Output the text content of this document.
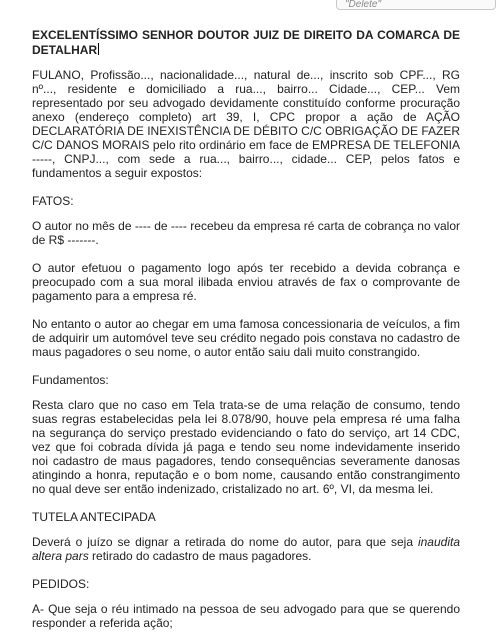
"Delete"
EXCELENTÍSSIMO SENHOR DOUTOR JUIZ DE DIREITO DA COMARCA DE DETALHAR

FULANO, Profissão..., nacionalidade..., natural de..., inscrito sob CPF..., RG nº..., residente e domiciliado a rua..., bairro... Cidade..., CEP... Vem representado por seu advogado devidamente constituído conforme procuração anexo (endereço completo) art 39, I, CPC propor a ação de AÇÃO DECLARATÓRIA DE INEXISTÊNCIA DE DÉBITO C/C OBRIGAÇÃO DE FAZER C/C DANOS MORAIS pelo rito ordinário em face de EMPRESA DE TELEFONIA -----, CNPJ..., com sede a rua..., bairro..., cidade... CEP, pelos fatos e fundamentos a seguir expostos:

FATOS:

O autor no mês de ---- de ---- recebeu da empresa ré carta de cobrança no valor de R$ -------.

O autor efetuou o pagamento logo após ter recebido a devida cobrança e preocupado com a sua moral ilibada enviou através de fax o comprovante de pagamento para a empresa ré.

No entanto o autor ao chegar em uma famosa concessionaria de veículos, a fim de adquirir um automóvel teve seu crédito negado pois constava no cadastro de maus pagadores o seu nome, o autor então saiu dali muito constrangido.

Fundamentos:

Resta claro que no caso em Tela trata-se de uma relação de consumo, tendo suas regras estabelecidas pela lei 8.078/90, houve pela empresa ré uma falha na segurança do serviço prestado evidenciando o fato do serviço, art 14 CDC, vez que foi cobrada dívida já paga e tendo seu nome indevidamente inserido noi cadastro de maus pagadores, tendo consequências severamente danosas atingindo a honra, reputação e o bom nome, causando então constrangimento no qual deve ser então indenizado, cristalizado no art. 6º, VI, da mesma lei.

TUTELA ANTECIPADA

Deverá o juízo se dignar a retirada do nome do autor, para que seja inaudita altera pars retirado do cadastro de maus pagadores.

PEDIDOS:

A- Que seja o réu intimado na pessoa de seu advogado para que se querendo responder a referida ação;
